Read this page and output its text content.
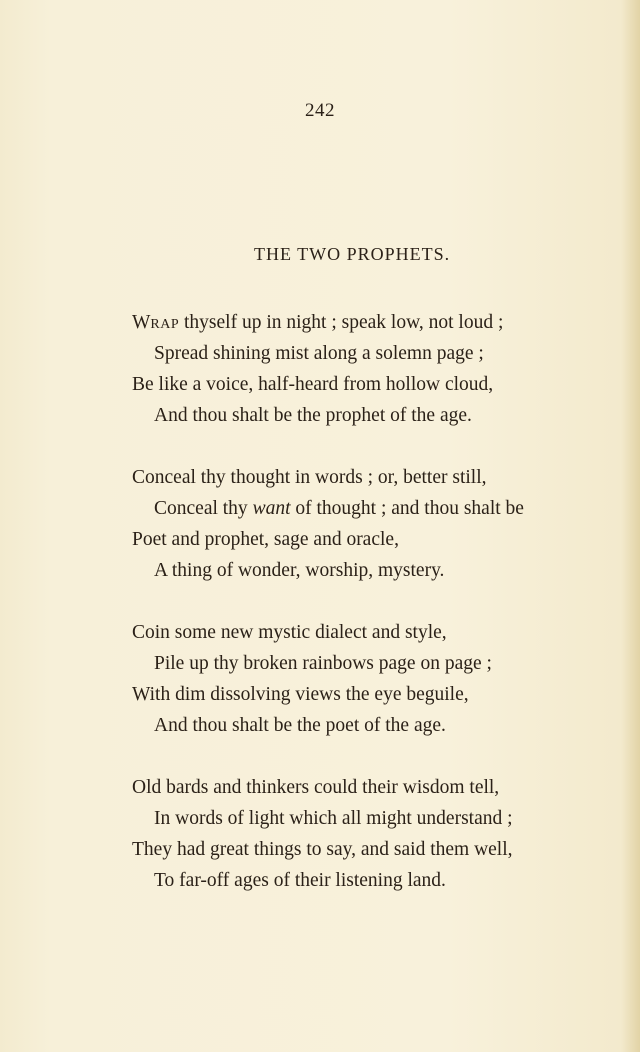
242
THE TWO PROPHETS.
WRAP thyself up in night ; speak low, not loud ;
Spread shining mist along a solemn page ;
Be like a voice, half-heard from hollow cloud,
And thou shalt be the prophet of the age.
Conceal thy thought in words ; or, better still,
Conceal thy want of thought ; and thou shalt be
Poet and prophet, sage and oracle,
A thing of wonder, worship, mystery.
Coin some new mystic dialect and style,
Pile up thy broken rainbows page on page ;
With dim dissolving views the eye beguile,
And thou shalt be the poet of the age.
Old bards and thinkers could their wisdom tell,
In words of light which all might understand ;
They had great things to say, and said them well,
To far-off ages of their listening land.
